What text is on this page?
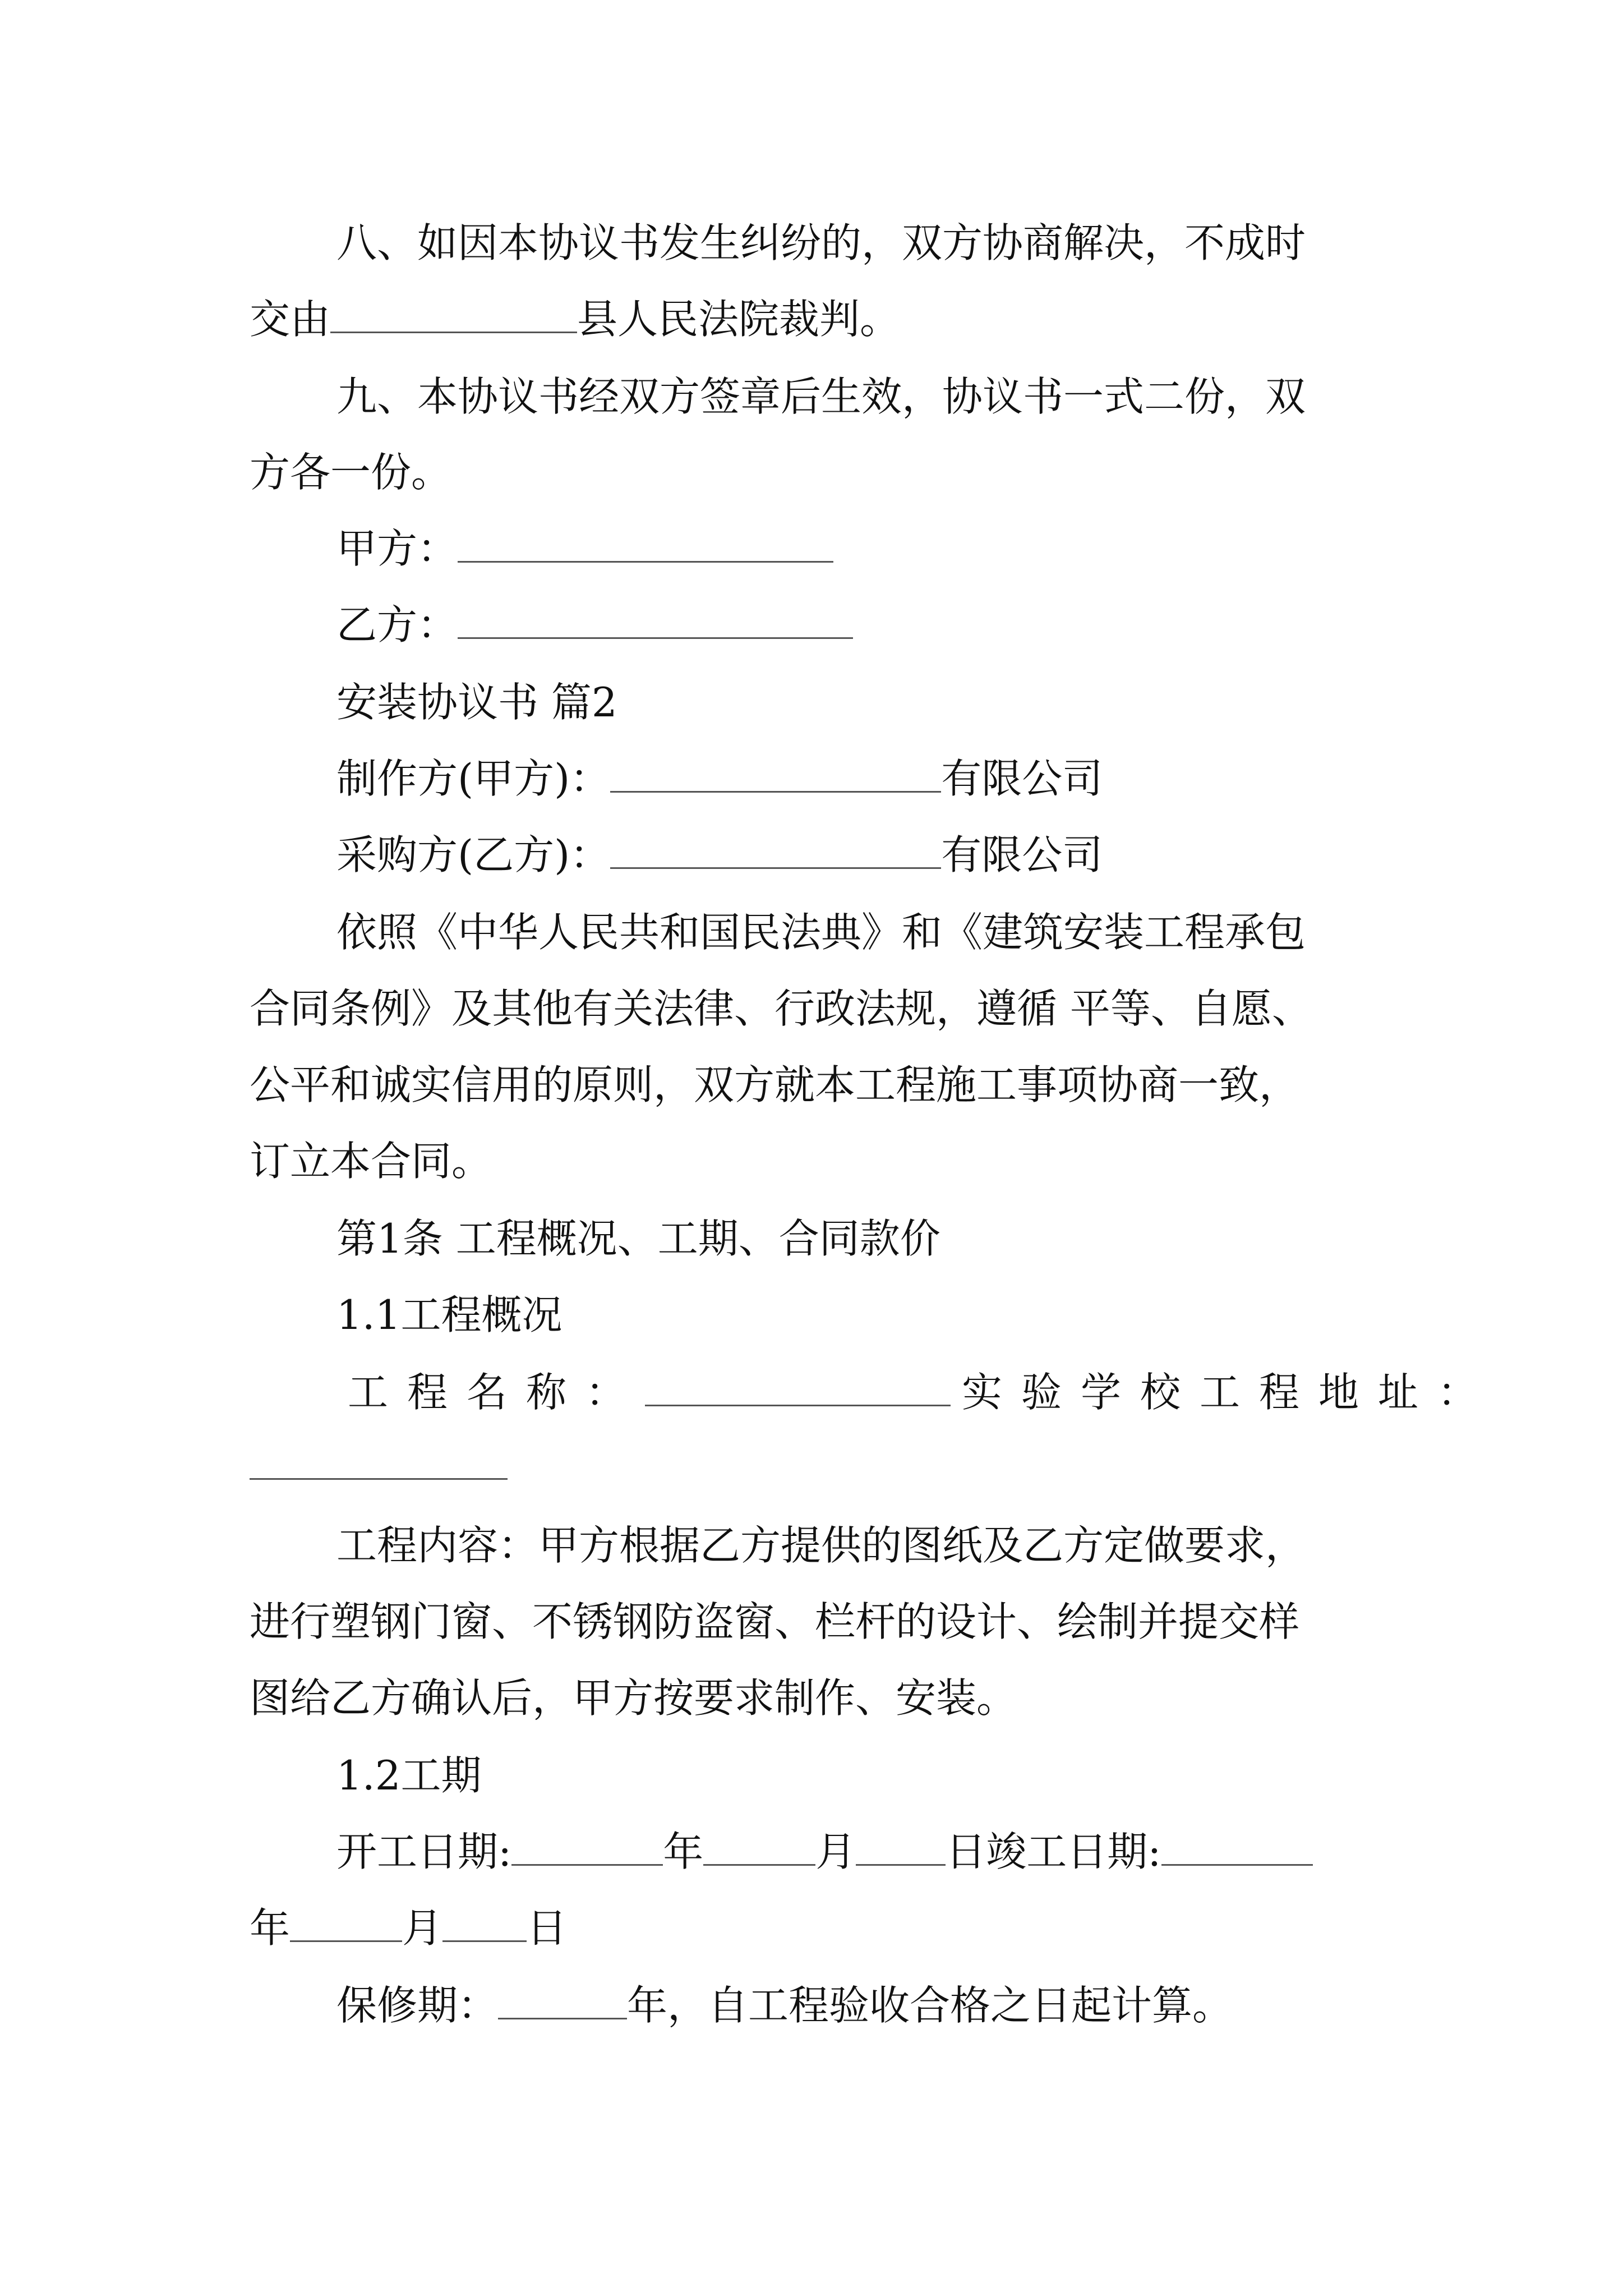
八、如因本协议书发生纠纷的，双方协商解决，不成时
交由	县人民法院裁判。
九、本协议书经双方签章后生效，协议书一式二份，双
方各一份。
甲方：
乙方：
安装协议书 篇2
制作方(甲方)：	有限公司
采购方(乙方)：	有限公司
依照《中华人民共和国民法典》和《建筑安装工程承包
合同条例》及其他有关法律、行政法规，遵循 平等、自愿、
公平和诚实信用的原则，双方就本工程施工事项协商一致，
订立本合同。
第1条 工程概况、工期、合同款价
1.1工程概况
工程名称：	实验学校工程地址：
工程内容：甲方根据乙方提供的图纸及乙方定做要求，
进行塑钢门窗、不锈钢防盗窗、栏杆的设计、绘制并提交样
图给乙方确认后，甲方按要求制作、安装。
1.2工期
开工日期:	年	月 日竣工日期:
年	月 日
保修期：	年，自工程验收合格之日起计算。
